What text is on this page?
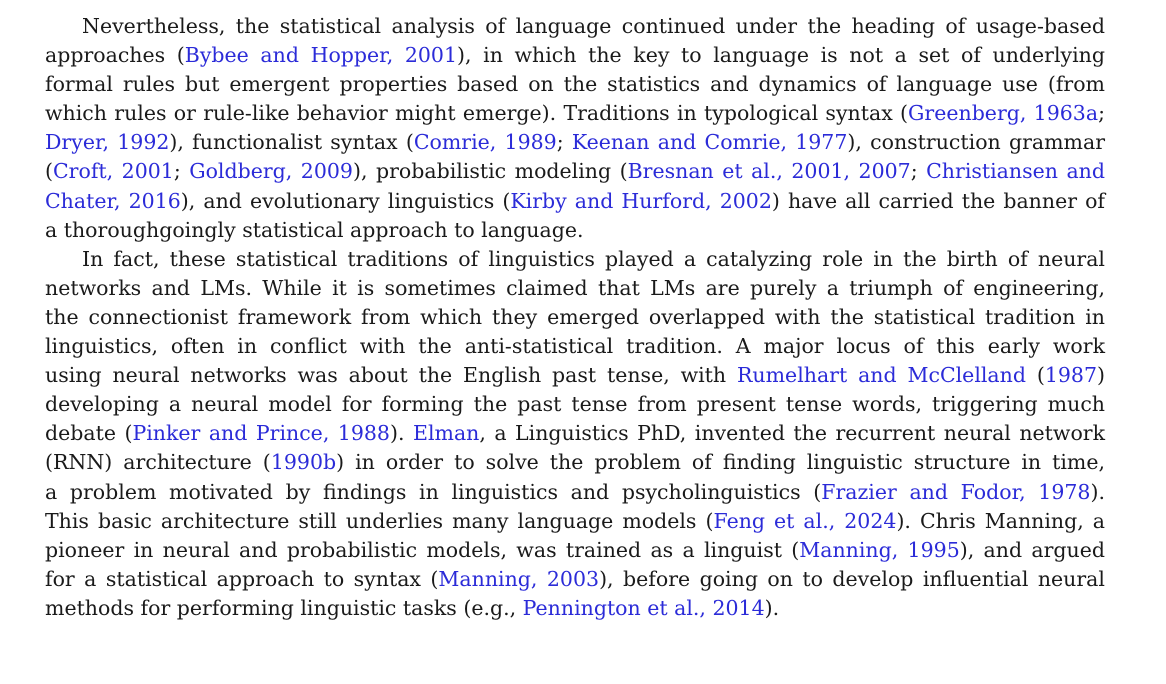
Nevertheless, the statistical analysis of language continued under the heading of usage-based
approaches (Bybee and Hopper, 2001), in which the key to language is not a set of underlying
formal rules but emergent properties based on the statistics and dynamics of language use (from
which rules or rule-like behavior might emerge). Traditions in typological syntax (Greenberg, 1963a;
Dryer, 1992), functionalist syntax (Comrie, 1989; Keenan and Comrie, 1977), construction grammar
(Croft, 2001; Goldberg, 2009), probabilistic modeling (Bresnan et al., 2001, 2007; Christiansen and
Chater, 2016), and evolutionary linguistics (Kirby and Hurford, 2002) have all carried the banner of
a thoroughgoingly statistical approach to language.
In fact, these statistical traditions of linguistics played a catalyzing role in the birth of neural
networks and LMs. While it is sometimes claimed that LMs are purely a triumph of engineering,
the connectionist framework from which they emerged overlapped with the statistical tradition in
linguistics, often in conflict with the anti-statistical tradition. A major locus of this early work
using neural networks was about the English past tense, with Rumelhart and McClelland (1987)
developing a neural model for forming the past tense from present tense words, triggering much
debate (Pinker and Prince, 1988). Elman, a Linguistics PhD, invented the recurrent neural network
(RNN) architecture (1990b) in order to solve the problem of finding linguistic structure in time,
a problem motivated by findings in linguistics and psycholinguistics (Frazier and Fodor, 1978).
This basic architecture still underlies many language models (Feng et al., 2024). Chris Manning, a
pioneer in neural and probabilistic models, was trained as a linguist (Manning, 1995), and argued
for a statistical approach to syntax (Manning, 2003), before going on to develop influential neural
methods for performing linguistic tasks (e.g., Pennington et al., 2014).
